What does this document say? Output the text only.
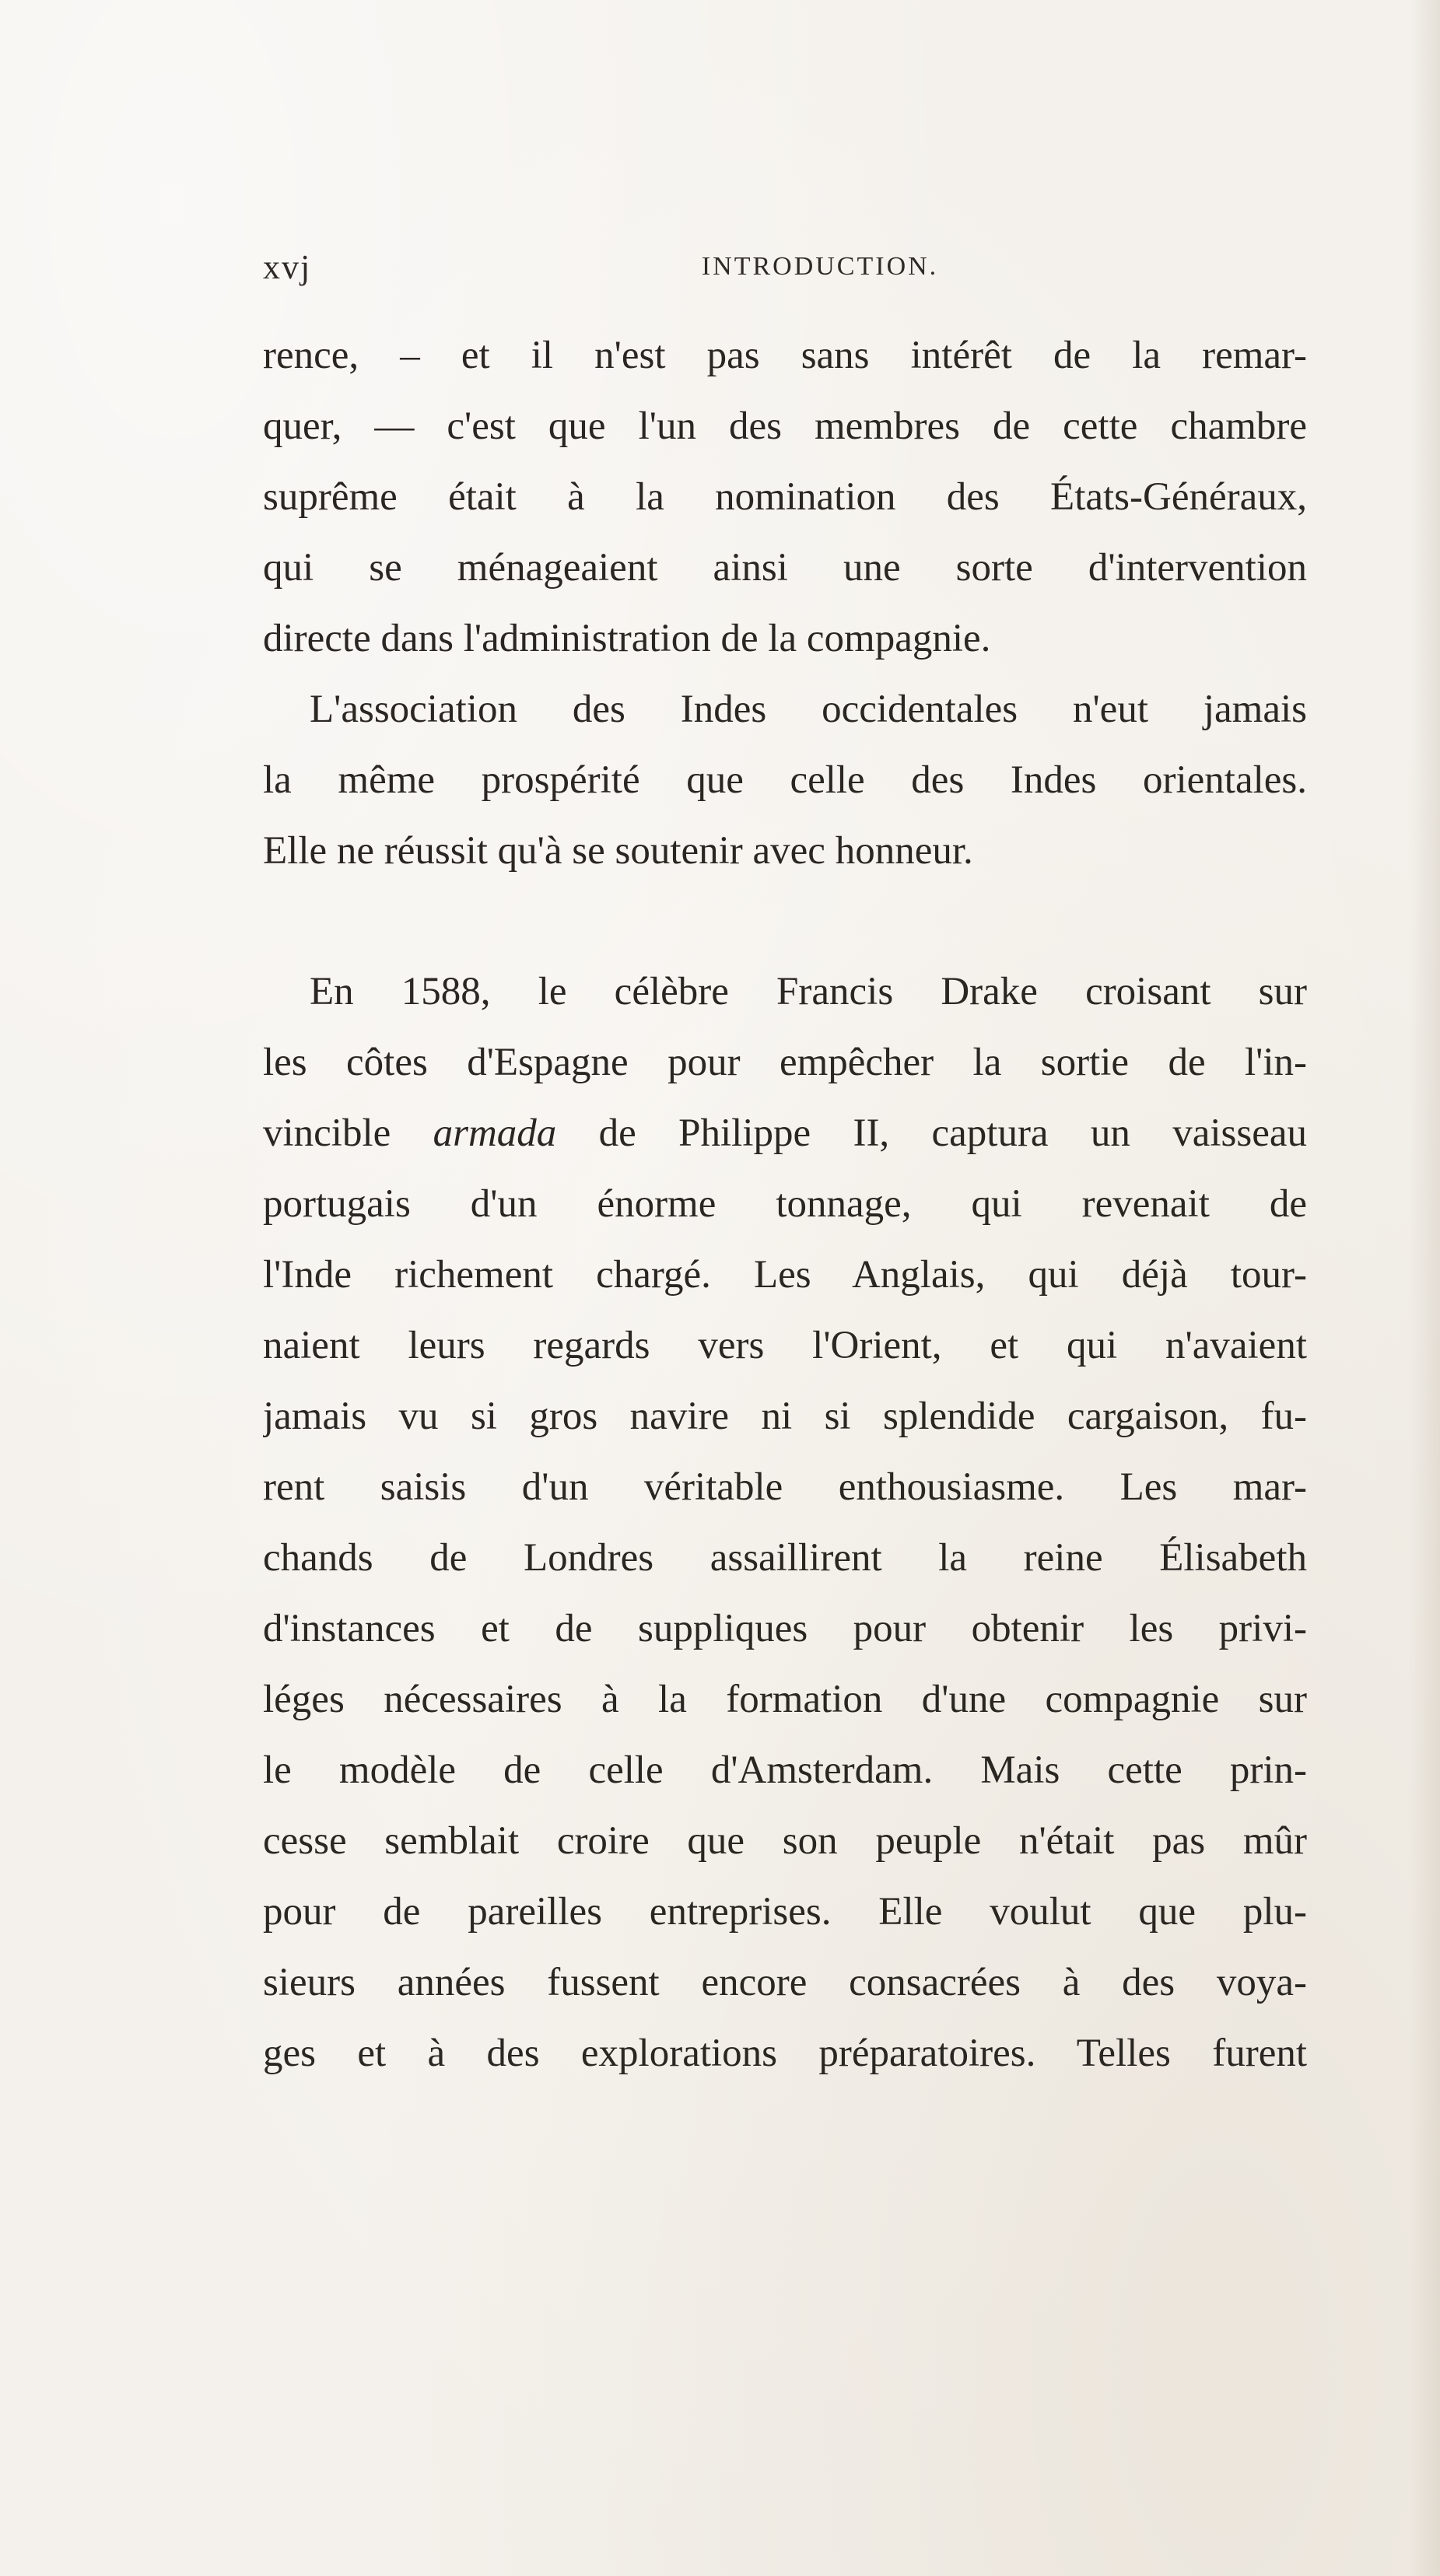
xvj	INTRODUCTION.
rence, – et il n'est pas sans intérêt de la remar-
quer, — c'est que l'un des membres de cette chambre
suprême était à la nomination des États-Généraux,
qui se ménageaient ainsi une sorte d'intervention
directe dans l'administration de la compagnie.
L'association des Indes occidentales n'eut jamais
la même prospérité que celle des Indes orientales.
Elle ne réussit qu'à se soutenir avec honneur.
En 1588, le célèbre Francis Drake croisant sur
les côtes d'Espagne pour empêcher la sortie de l'in-
vincible armada de Philippe II, captura un vaisseau
portugais d'un énorme tonnage, qui revenait de
l'Inde richement chargé. Les Anglais, qui déjà tour-
naient leurs regards vers l'Orient, et qui n'avaient
jamais vu si gros navire ni si splendide cargaison, fu-
rent saisis d'un véritable enthousiasme. Les mar-
chands de Londres assaillirent la reine Élisabeth
d'instances et de suppliques pour obtenir les privi-
léges nécessaires à la formation d'une compagnie sur
le modèle de celle d'Amsterdam. Mais cette prin-
cesse semblait croire que son peuple n'était pas mûr
pour de pareilles entreprises. Elle voulut que plu-
sieurs années fussent encore consacrées à des voya-
ges et à des explorations préparatoires. Telles furent
